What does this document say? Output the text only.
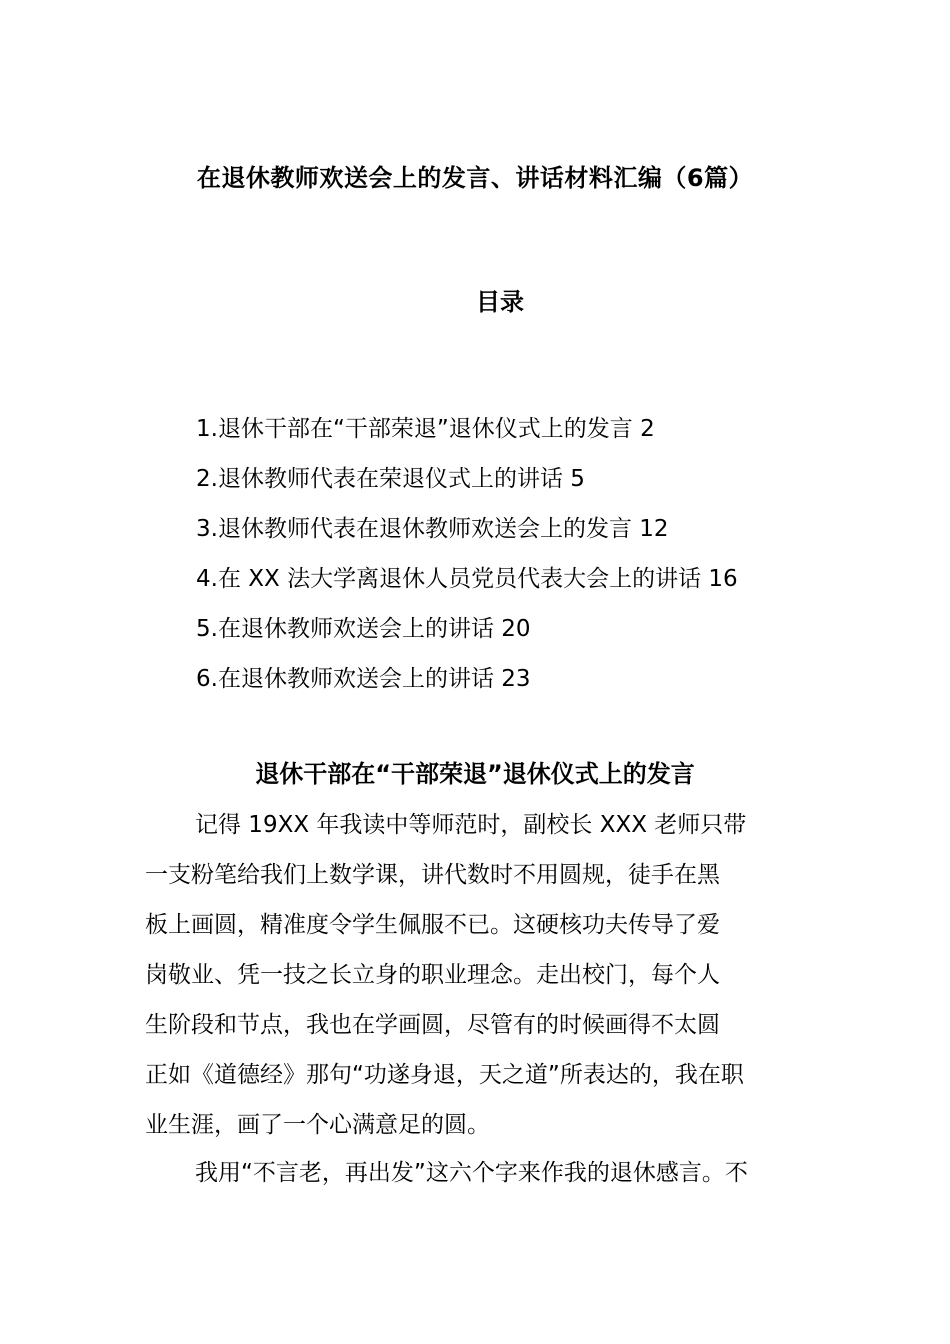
在退休教师欢送会上的发言、讲话材料汇编（6篇）
目录
1.退休干部在“干部荣退”退休仪式上的发言 2
2.退休教师代表在荣退仪式上的讲话 5
3.退休教师代表在退休教师欢送会上的发言 12
4.在 XX 法大学离退休人员党员代表大会上的讲话 16
5.在退休教师欢送会上的讲话 20
6.在退休教师欢送会上的讲话 23
退休干部在“干部荣退”退休仪式上的发言
记得 19XX 年我读中等师范时，副校长 XXX 老师只带
一支粉笔给我们上数学课，讲代数时不用圆规，徒手在黑
板上画圆，精准度令学生佩服不已。这硬核功夫传导了爱
岗敬业、凭一技之长立身的职业理念。走出校门，每个人
生阶段和节点，我也在学画圆，尽管有的时候画得不太圆
正如《道德经》那句“功遂身退，天之道”所表达的，我在职
业生涯，画了一个心满意足的圆。
我用“不言老，再出发”这六个字来作我的退休感言。不
